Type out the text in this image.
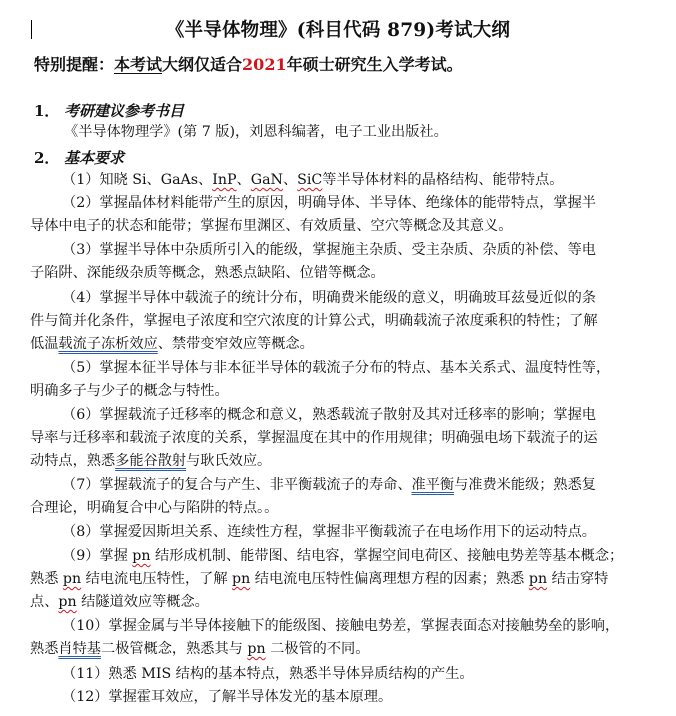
《半导体物理》(科目代码 879)考试大纲
特别提醒：本考试大纲仅适合2021年硕士研究生入学考试。
1． 考研建议参考书目
《半导体物理学》(第 7 版)，刘恩科编著，电子工业出版社。
2． 基本要求
（1）知晓 Si、GaAs、InP、GaN、SiC等半导体材料的晶格结构、能带特点。
（2）掌握晶体材料能带产生的原因，明确导体、半导体、绝缘体的能带特点，掌握半
导体中电子的状态和能带；掌握布里渊区、有效质量、空穴等概念及其意义。
（3）掌握半导体中杂质所引入的能级，掌握施主杂质、受主杂质、杂质的补偿、等电
子陷阱、深能级杂质等概念，熟悉点缺陷、位错等概念。
（4）掌握半导体中载流子的统计分布，明确费米能级的意义，明确玻耳兹曼近似的条
件与简并化条件，掌握电子浓度和空穴浓度的计算公式，明确载流子浓度乘积的特性；了解
低温载流子冻析效应、禁带变窄效应等概念。
（5）掌握本征半导体与非本征半导体的载流子分布的特点、基本关系式、温度特性等，
明确多子与少子的概念与特性。
（6）掌握载流子迁移率的概念和意义，熟悉载流子散射及其对迁移率的影响；掌握电
导率与迁移率和载流子浓度的关系，掌握温度在其中的作用规律；明确强电场下载流子的运
动特点，熟悉多能谷散射与耿氏效应。
（7）掌握载流子的复合与产生、非平衡载流子的寿命、准平衡与准费米能级；熟悉复
合理论，明确复合中心与陷阱的特点。。
（8）掌握爱因斯坦关系、连续性方程，掌握非平衡载流子在电场作用下的运动特点。
（9）掌握 pn 结形成机制、能带图、结电容，掌握空间电荷区、接触电势差等基本概念；
熟悉 pn 结电流电压特性，了解 pn 结电流电压特性偏离理想方程的因素；熟悉 pn 结击穿特
点、pn 结隧道效应等概念。
（10）掌握金属与半导体接触下的能级图、接触电势差，掌握表面态对接触势垒的影响，
熟悉肖特基二极管概念，熟悉其与 pn 二极管的不同。
（11）熟悉 MIS 结构的基本特点，熟悉半导体异质结构的产生。
（12）掌握霍耳效应，了解半导体发光的基本原理。
